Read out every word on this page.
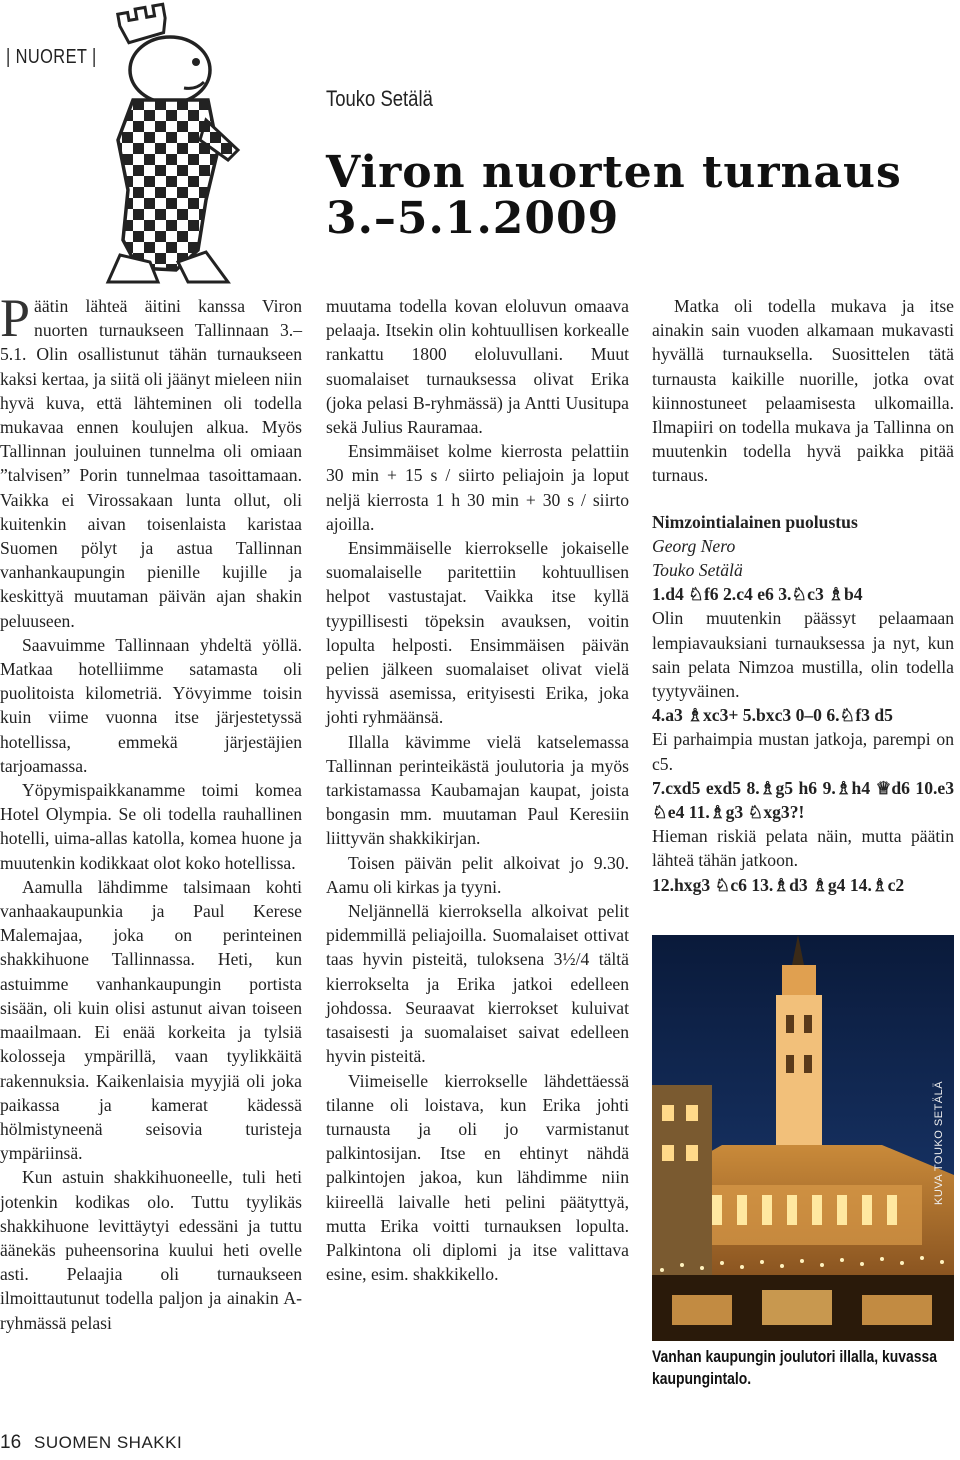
| NUORET |
Touko Setälä
Viron nuorten turnaus
3.–5.1.2009

Päätin lähteä äitini kanssa Viron nuorten turnaukseen Tallinnaan 3.–5.1. Olin osallistunut tähän turnaukseen kaksi kertaa, ja siitä oli jäänyt mieleen niin hyvä kuva, että lähteminen oli todella mukavaa ennen koulujen alkua. Myös Tallinnan jouluinen tunnelma oli omiaan ”talvisen” Porin tunnelmaa tasoittamaan. Vaikka ei Virossakaan lunta ollut, oli kuitenkin aivan toisenlaista karistaa Suomen pölyt ja astua Tallinnan vanhankaupungin pienille kujille ja keskittyä muutaman päivän ajan shakin peluuseen.

Saavuimme Tallinnaan yhdeltä yöllä. Matkaa hotelliimme satamasta oli puolitoista kilometriä. Yövyimme toisin kuin viime vuonna itse järjestetyssä hotellissa, emmekä järjestäjien tarjoamassa.

Yöpymispaikkanamme toimi komea Hotel Olympia. Se oli todella rauhallinen hotelli, uima-allas katolla, komea huone ja muutenkin kodikkaat olot koko hotellissa.

Aamulla lähdimme talsimaan kohti vanhaakaupunkia ja Paul Kerese Malemajaa, joka on perinteinen shakkihuone Tallinnassa. Heti, kun astuimme vanhankaupungin portista sisään, oli kuin olisi astunut aivan toiseen maailmaan. Ei enää korkeita ja tylsiä kolosseja ympärillä, vaan tyylikkäitä rakennuksia. Kaikenlaisia myyjiä oli joka paikassa ja kamerat kädessä hölmistyneenä seisovia turisteja ympäriinsä.

Kun astuin shakkihuoneelle, tuli heti jotenkin kodikas olo. Tuttu tyylikäs shakkihuone levittäytyi edessäni ja tuttu äänekäs puheensorina kuului heti ovelle asti. Pelaajia oli turnaukseen ilmoittautunut todella paljon ja ainakin A-ryhmässä pelasi

muutama todella kovan eloluvun omaava pelaaja. Itsekin olin kohtuullisen korkealle rankattu 1800 eloluvullani. Muut suomalaiset turnauksessa olivat Erika (joka pelasi B-ryhmässä) ja Antti Uusitupa sekä Julius Rauramaa.

Ensimmäiset kolme kierrosta pelattiin 30 min + 15 s / siirto peliajoin ja loput neljä kierrosta 1 h 30 min + 30 s / siirto ajoilla.

Ensimmäiselle kierrokselle jokaiselle suomalaiselle paritettiin kohtuullisen helpot vastustajat. Vaikka itse kyllä tyypillisesti töpeksin avauksen, voitin lopulta helposti. Ensimmäisen päivän pelien jälkeen suomalaiset olivat vielä hyvissä asemissa, erityisesti Erika, joka johti ryhmäänsä.

Illalla kävimme vielä katselemassa Tallinnan perinteikästä joulutoria ja myös tarkistamassa Kaubamajan kaupat, joista bongasin mm. muutaman Paul Keresiin liittyvän shakkikirjan.

Toisen päivän pelit alkoivat jo 9.30. Aamu oli kirkas ja tyyni.

Neljännellä kierroksella alkoivat pelit pidemmillä peliajoilla. Suomalaiset ottivat taas hyvin pisteitä, tuloksena 3½/4 tältä kierrokselta ja Erika jatkoi edelleen johdossa. Seuraavat kierrokset kuluivat tasaisesti ja suomalaiset saivat edelleen hyvin pisteitä.

Viimeiselle kierrokselle lähdettäessä tilanne oli loistava, kun Erika johti turnausta ja oli jo varmistanut palkintosijan. Itse en ehtinyt nähdä palkintojen jakoa, kun lähdimme niin kiireellä laivalle heti pelini päätyttyä, mutta Erika voitti turnauksen lopulta. Palkintona oli diplomi ja itse valittava esine, esim. shakkikello.

Matka oli todella mukava ja itse ainakin sain vuoden alkamaan mukavasti hyvällä turnauksella. Suosittelen tätä turnausta kaikille nuorille, jotka ovat kiinnostuneet pelaamisesta ulkomailla. Ilmapiiri on todella mukava ja Tallinna on muutenkin todella hyvä paikka pitää turnaus.

Nimzointialainen puolustus

Georg Nero

Touko Setälä

1.d4 ♘f6 2.c4 e6 3.♘c3 ♗b4

Olin muutenkin päässyt pelaamaan lempiavauksiani turnauksessa ja nyt, kun sain pelata Nimzoa mustilla, olin todella tyytyväinen.

4.a3 ♗xc3+ 5.bxc3 0–0 6.♘f3 d5

Ei parhaimpia mustan jatkoja, parempi on c5.

7.cxd5 exd5 8.♗g5 h6 9.♗h4 ♕d6 10.e3 ♘e4 11.♗g3 ♘xg3?!

Hieman riskiä pelata näin, mutta päätin lähteä tähän jatkoon.

12.hxg3 ♘c6 13.♗d3 ♗g4 14.♗c2

KUVA TOUKO SETÄLÄ
Vanhan kaupungin joulutori illalla, kuvassa kaupungintalo.
16 SUOMEN SHAKKI
